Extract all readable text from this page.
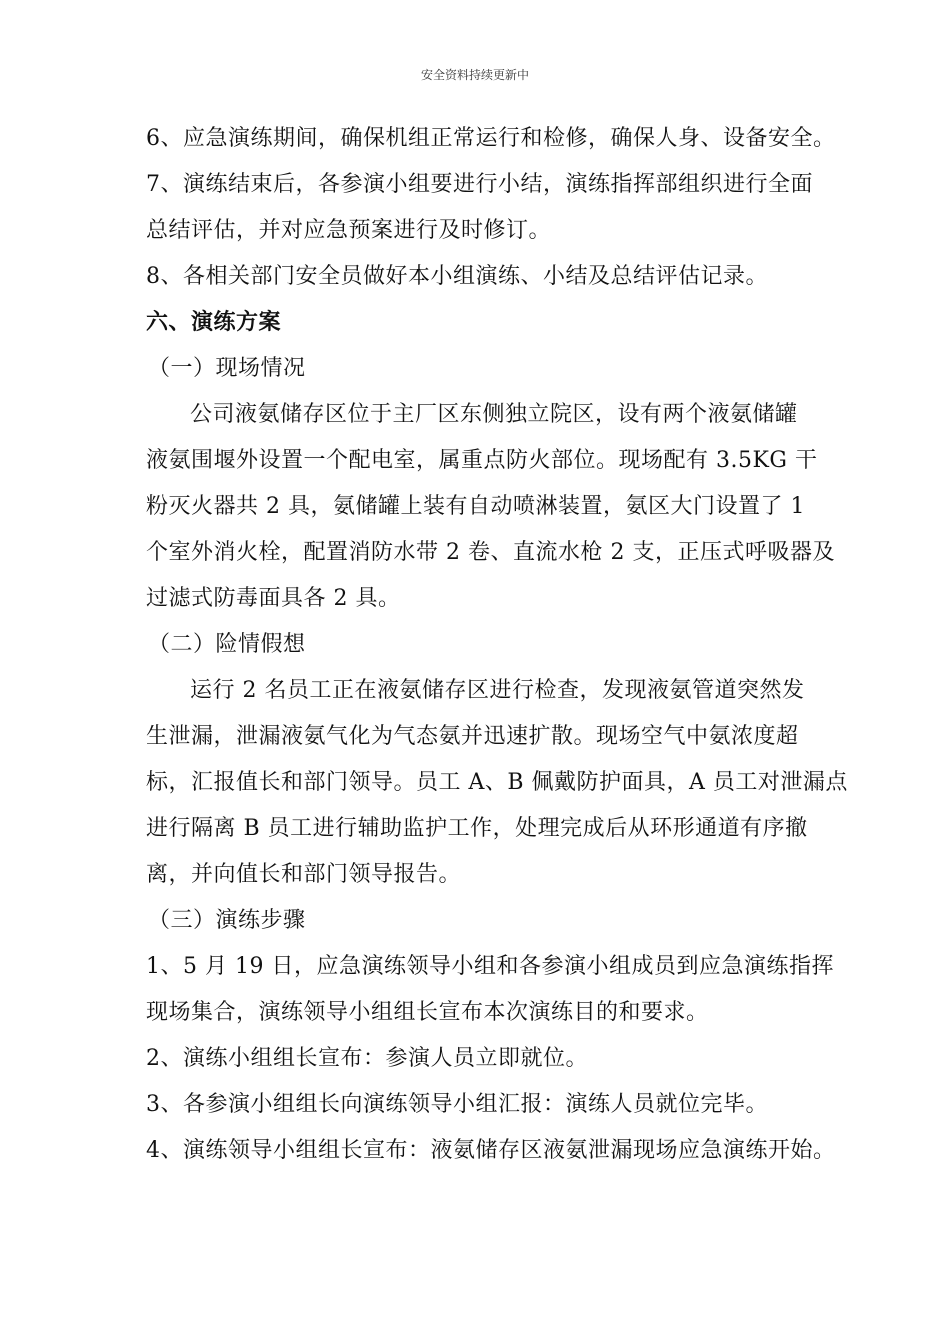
安全资料持续更新中
6、应急演练期间，确保机组正常运行和检修，确保人身、设备安全。
7、演练结束后，各参演小组要进行小结，演练指挥部组织进行全面
总结评估，并对应急预案进行及时修订。
8、各相关部门安全员做好本小组演练、小结及总结评估记录。
六、演练方案
（一）现场情况
公司液氨储存区位于主厂区东侧独立院区，设有两个液氨储罐
液氨围堰外设置一个配电室，属重点防火部位。现场配有 3.5KG 干
粉灭火器共 2 具，氨储罐上装有自动喷淋装置，氨区大门设置了 1
个室外消火栓，配置消防水带 2 卷、直流水枪 2 支，正压式呼吸器及
过滤式防毒面具各 2 具。
（二）险情假想
运行 2 名员工正在液氨储存区进行检查，发现液氨管道突然发
生泄漏，泄漏液氨气化为气态氨并迅速扩散。现场空气中氨浓度超
标，汇报值长和部门领导。员工 A、B 佩戴防护面具，A 员工对泄漏点
进行隔离 B 员工进行辅助监护工作，处理完成后从环形通道有序撤
离，并向值长和部门领导报告。
（三）演练步骤
1、5 月 19 日，应急演练领导小组和各参演小组成员到应急演练指挥
现场集合，演练领导小组组长宣布本次演练目的和要求。
2、演练小组组长宣布：参演人员立即就位。
3、各参演小组组长向演练领导小组汇报：演练人员就位完毕。
4、演练领导小组组长宣布：液氨储存区液氨泄漏现场应急演练开始。
